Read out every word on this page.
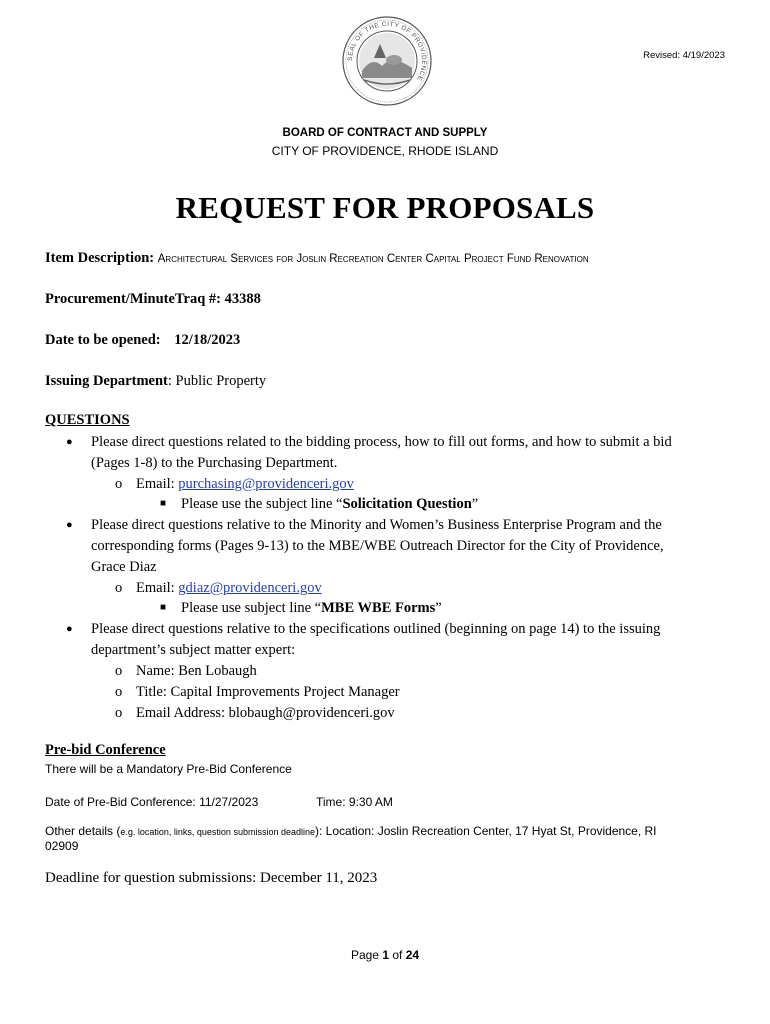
SEAL OF THE CITY OF PROVIDENCE
Revised: 4/19/2023
BOARD OF CONTRACT AND SUPPLY
CITY OF PROVIDENCE, RHODE ISLAND
REQUEST FOR PROPOSALS
Item Description: Architectural Services for Joslin Recreation Center Capital Project Fund Renovation
Procurement/MinuteTraq #: 43388
Date to be opened: 12/18/2023
Issuing Department: Public Property
QUESTIONS
● Please direct questions related to the bidding process, how to fill out forms, and how to submit a bid
(Pages 1-8) to the Purchasing Department.
o Email: purchasing@providenceri.gov
■ Please use the subject line “Solicitation Question”
● Please direct questions relative to the Minority and Women’s Business Enterprise Program and the
corresponding forms (Pages 9-13) to the MBE/WBE Outreach Director for the City of Providence,
Grace Diaz
o Email: gdiaz@providenceri.gov
■ Please use subject line “MBE WBE Forms”
● Please direct questions relative to the specifications outlined (beginning on page 14) to the issuing
department’s subject matter expert:
o Name: Ben Lobaugh
o Title: Capital Improvements Project Manager
o Email Address: blobaugh@providenceri.gov
Pre-bid Conference
There will be a Mandatory Pre-Bid Conference
Date of Pre-Bid Conference: 11/27/2023	Time: 9:30 AM
Other details (e.g. location, links, question submission deadline): Location: Joslin Recreation Center, 17 Hyat St, Providence, RI
02909
Deadline for question submissions: December 11, 2023
Page 1 of 24
